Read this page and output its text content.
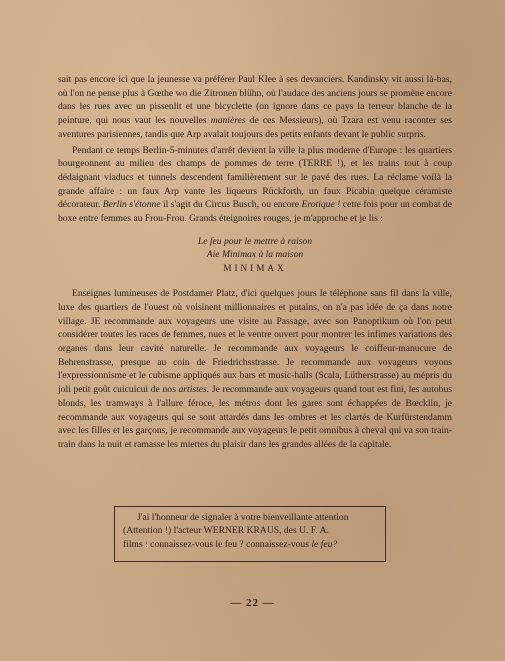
sait pas encore ici que la jeunesse va préférer Paul Klee à ses devanciers. Kandinsky vit aussi là-bas, où l'on ne pense plus à Gœthe wo die Zitronen blühn, où l'audace des anciens jours se promène encore dans les rues avec un pissenlit et une bicyclette (on ignore dans ce pays la terreur blanche de la peinture, qui nous vaut les nouvelles manières de ces Messieurs), où Tzara est venu raconter ses aventures parisiennes, tandis que Arp avalait toujours des petits enfants devant le public surpris.

Pendant ce temps Berlin-5-minutes d'arrêt devient la ville la plus moderne d'Europe : les quartiers bourgeonnent au milieu des champs de pommes de terre (TERRE !), et les trains tout à coup dédaignant viaducs et tunnels descendent familièrement sur le pavé des rues. La réclame voilà la grande affaire : un faux Arp vante les liqueurs Rückforth, un faux Picabia quelque céramiste décorateur. Berlin s'étonne il s'agit du Circus Busch, ou encore Erotique ! cette fois pour un combat de boxe entre femmes au Frou-Frou. Grands éteignoires rouges, je m'approche et je lis :

Le feu pour le mettre à raison
Aie Minimax à la maison
MINIMAX

Enseignes lumineuses de Postdamer Platz, d'ici quelques jours le téléphone sans fil dans la ville, luxe des quartiers de l'ouest où voisinent millionnaires et putains, on n'a pas idée de ça dans notre village. JE recommande aux voyageurs une visite au Passage, avec son Panoptikum où l'on peut considérer toutes les races de femmes, nues et le ventre ouvert pour montrer les infimes variations des organes dans leur cavité naturelle. Je recommande aux voyageurs le coiffeur-manucure de Behrenstrasse, presque au coin de Friedrichsstrasse. Je recommande aux voyageurs voyons l'expressionnisme et le cubisme appliqués aux bars et music-halls (Scala, Lütherstrasse) au mépris du joli petit goût cuicuicui de nos artistes. Je recommande aux voyageurs quand tout est fini, les autobus blonds, les tramways à l'allure féroce, les métros dont les gares sont échappées de Bœcklin, je recommande aux voyageurs qui se sont attardés dans les ombres et les clartés de Kurfürstendamm avec les filles et les garçons, je recommande aux voyageurs le petit omnibus à cheval qui va son train-train dans la nuit et ramasse les miettes du plaisir dans les grandes allées de la capitale.

J'ai l'honneur de signaler à votre bienveillante attention
(Attention !) l'acteur WERNER KRAUS, des U. F. A.
films : connaissez-vous le feu ? connaissez-vous le feu?
— 22 —
